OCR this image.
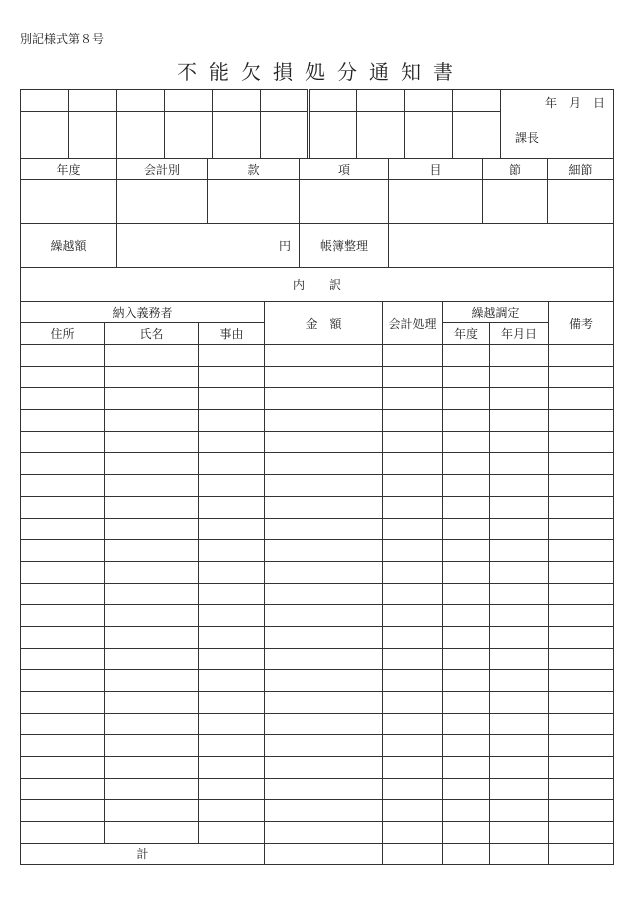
別記様式第８号
不能欠損処分通知書

										年　月　日
課長

年度	会計別	款	項	目	節	細節

繰越額	円		帳簿整理			
内　　訳						
納入義務者			金　額	会計処理	繰越調定		備考
住所	氏名	事由			年度	年月日	

計							
